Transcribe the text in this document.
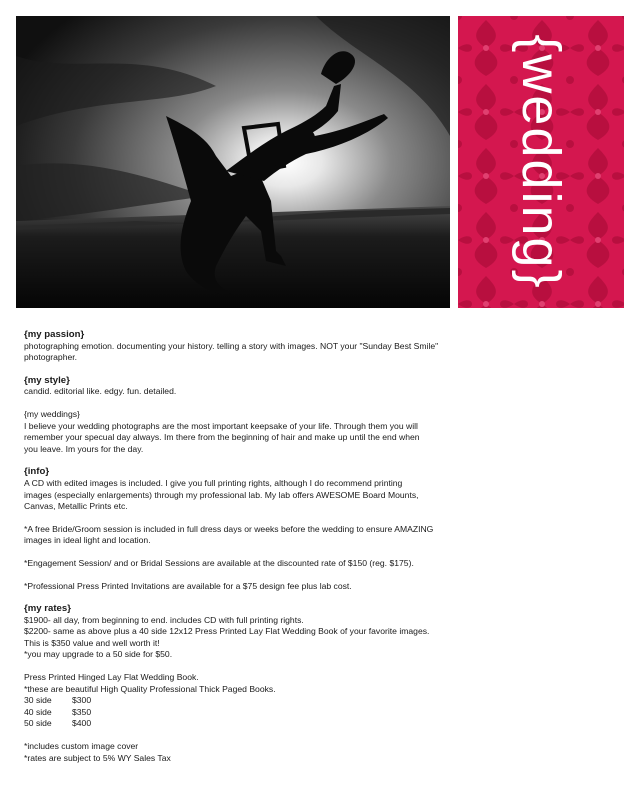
{wedding}

{my passion}

photographing emotion. documenting your history. telling a story with images. NOT your "Sunday Best Smile"

photographer.

{my style}

candid. editorial like. edgy. fun. detailed.

{my weddings}

I believe your wedding photographs are the most important keepsake of your life. Through them you will

remember your specual day always. Im there from the beginning of hair and make up until the end when

you leave. Im yours for the day.

{info}

A CD with edited images is included. I give you full printing rights, although I do recommend printing

images (especially enlargements) through my professional lab. My lab offers AWESOME Board Mounts,

Canvas, Metallic Prints etc.

*A free Bride/Groom session is included in full dress days or weeks before the wedding to ensure AMAZING

images in ideal light and location.

*Engagement Session/ and or Bridal Sessions are available at the discounted rate of $150 (reg. $175).

*Professional Press Printed Invitations are available for a $75 design fee plus lab cost.

{my rates}

$1900- all day, from beginning to end. includes CD with full printing rights.

$2200- same as above plus a 40 side 12x12 Press Printed Lay Flat Wedding Book of your favorite images.

This is $350 value and well worth it!

*you may upgrade to a 50 side for $50.

Press Printed Hinged Lay Flat Wedding Book.

*these are beautiful High Quality Professional Thick Paged Books.

30 side	$300
40 side	$350
50 side	$400

*includes custom image cover

*rates are subject to 5% WY Sales Tax
